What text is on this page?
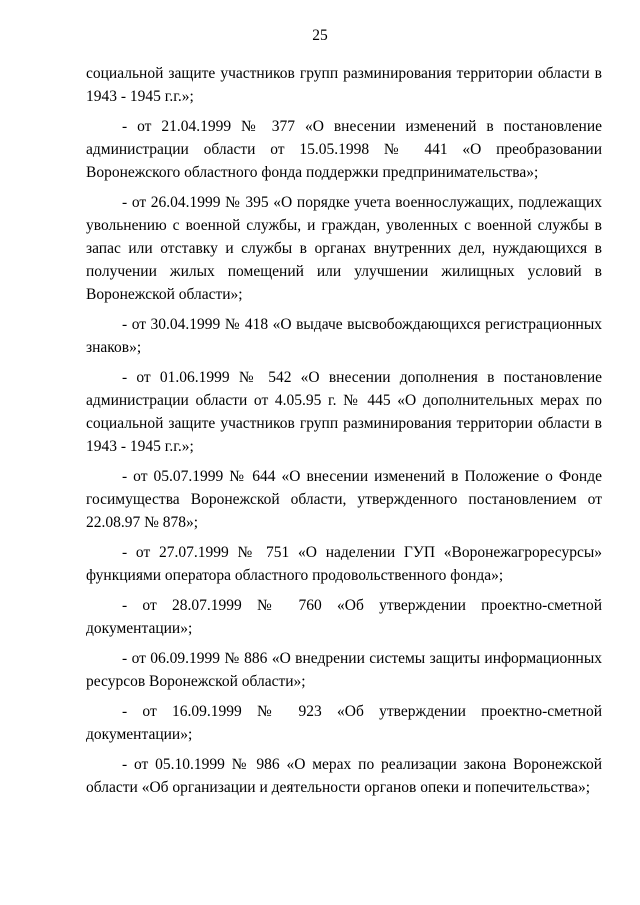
25

социальной защите участников групп разминирования территории области в 1943 - 1945 г.г.»;

- от 21.04.1999 № 377 «О внесении изменений в постановление администрации области от 15.05.1998 № 441 «О преобразовании Воронежского областного фонда поддержки предпринимательства»;

- от 26.04.1999 № 395 «О порядке учета военнослужащих, подлежащих увольнению с военной службы, и граждан, уволенных с военной службы в запас или отставку и службы в органах внутренних дел, нуждающихся в получении жилых помещений или улучшении жилищных условий в Воронежской области»;

- от 30.04.1999 № 418 «О выдаче высвобождающихся регистрационных знаков»;

- от 01.06.1999 № 542 «О внесении дополнения в постановление администрации области от 4.05.95 г. № 445 «О дополнительных мерах по социальной защите участников групп разминирования территории области в 1943 - 1945 г.г.»;

- от 05.07.1999 № 644 «О внесении изменений в Положение о Фонде госимущества Воронежской области, утвержденного постановлением от 22.08.97 № 878»;

- от 27.07.1999 № 751 «О наделении ГУП «Воронежагроресурсы» функциями оператора областного продовольственного фонда»;

- от 28.07.1999 № 760 «Об утверждении проектно-сметной документации»;

- от 06.09.1999 № 886 «О внедрении системы защиты информационных ресурсов Воронежской области»;

- от 16.09.1999 № 923 «Об утверждении проектно-сметной документации»;

- от 05.10.1999 № 986 «О мерах по реализации закона Воронежской области «Об организации и деятельности органов опеки и попечительства»;
